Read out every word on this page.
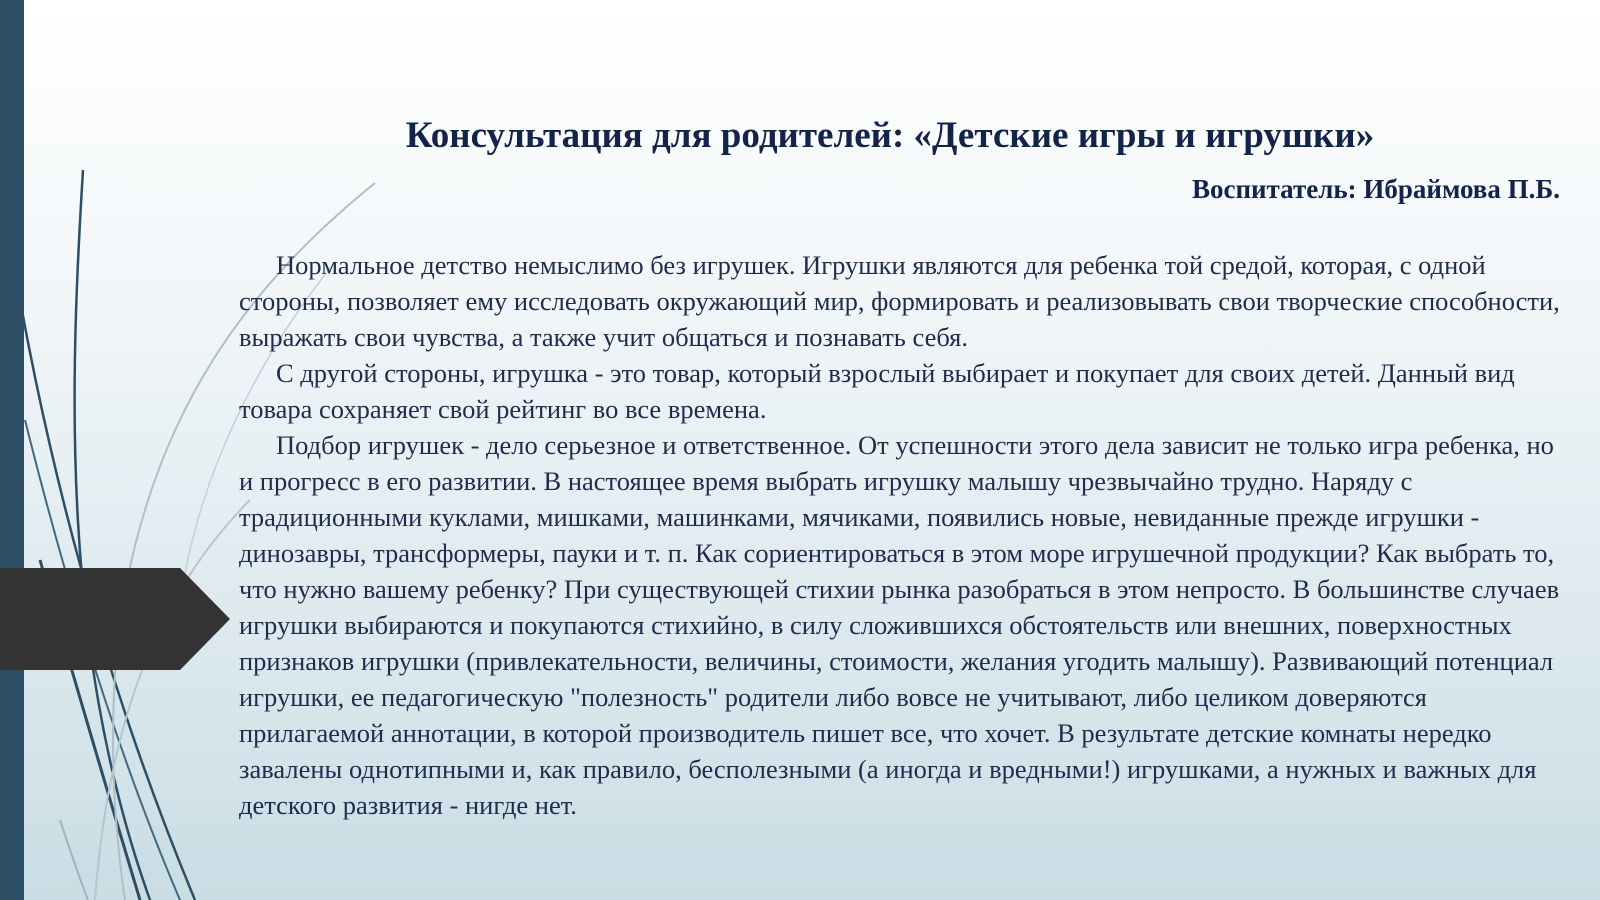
Консультация для родителей: «Детские игры и игрушки»
Воспитатель: Ибраймова П.Б.

Нормальное детство немыслимо без игрушек. Игрушки являются для ребенка той средой, которая, с одной стороны, позволяет ему исследовать окружающий мир, формировать и реализовывать свои творческие способности, выражать свои чувства, а также учит общаться и познавать себя.

С другой стороны, игрушка - это товар, который взрослый выбирает и покупает для своих детей. Данный вид товара сохраняет свой рейтинг во все времена.

Подбор игрушек - дело серьезное и ответственное. От успешности этого дела зависит не только игра ребенка, но и прогресс в его развитии. В настоящее время выбрать игрушку малышу чрезвычайно трудно. Наряду с традиционными куклами, мишками, машинками, мячиками, появились новые, невиданные прежде игрушки - динозавры, трансформеры, пауки и т. п. Как сориентироваться в этом море игрушечной продукции? Как выбрать то, что нужно вашему ребенку? При существующей стихии рынка разобраться в этом непросто. В большинстве случаев игрушки выбираются и покупаются стихийно, в силу сложившихся обстоятельств или внешних, поверхностных признаков игрушки (привлекательности, величины, стоимости, желания угодить малышу). Развивающий потенциал игрушки, ее педагогическую "полезность" родители либо вовсе не учитывают, либо целиком доверяются прилагаемой аннотации, в которой производитель пишет все, что хочет. В результате детские комнаты нередко завалены однотипными и, как правило, бесполезными (а иногда и вредными!) игрушками, а нужных и важных для детского развития - нигде нет.
